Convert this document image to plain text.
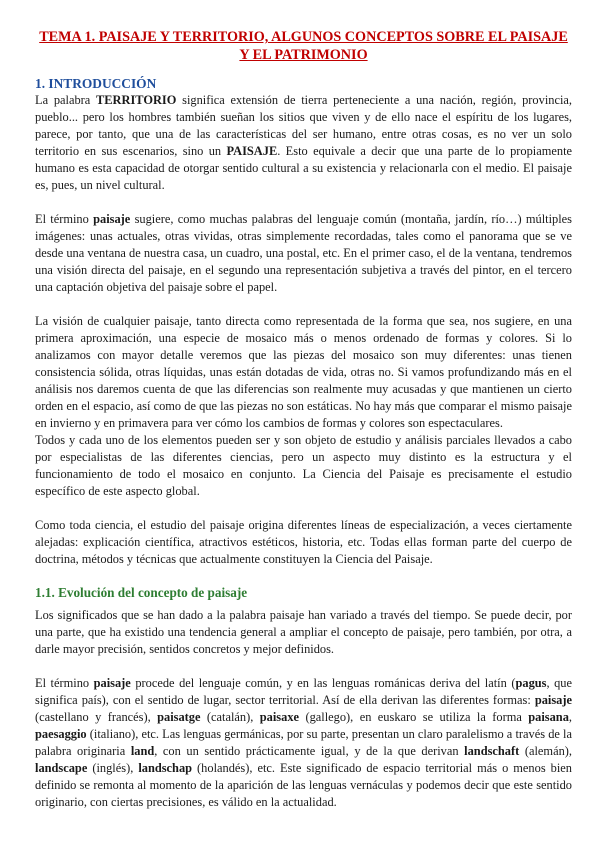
TEMA 1. PAISAJE Y TERRITORIO, ALGUNOS CONCEPTOS SOBRE EL PAISAJE
Y EL PATRIMONIO
1. INTRODUCCIÓN

La palabra TERRITORIO significa extensión de tierra perteneciente a una nación, región, provincia, pueblo... pero los hombres también sueñan los sitios que viven y de ello nace el espíritu de los lugares, parece, por tanto, que una de las características del ser humano, entre otras cosas, es no ver un solo territorio en sus escenarios, sino un PAISAJE. Esto equivale a decir que una parte de lo propiamente humano es esta capacidad de otorgar sentido cultural a su existencia y relacionarla con el medio. El paisaje es, pues, un nivel cultural.

El término paisaje sugiere, como muchas palabras del lenguaje común (montaña, jardín, río…) múltiples imágenes: unas actuales, otras vividas, otras simplemente recordadas, tales como el panorama que se ve desde una ventana de nuestra casa, un cuadro, una postal, etc. En el primer caso, el de la ventana, tendremos una visión directa del paisaje, en el segundo una representación subjetiva a través del pintor, en el tercero una captación objetiva del paisaje sobre el papel.

La visión de cualquier paisaje, tanto directa como representada de la forma que sea, nos sugiere, en una primera aproximación, una especie de mosaico más o menos ordenado de formas y colores. Si lo analizamos con mayor detalle veremos que las piezas del mosaico son muy diferentes: unas tienen consistencia sólida, otras líquidas, unas están dotadas de vida, otras no. Si vamos profundizando más en el análisis nos daremos cuenta de que las diferencias son realmente muy acusadas y que mantienen un cierto orden en el espacio, así como de que las piezas no son estáticas. No hay más que comparar el mismo paisaje en invierno y en primavera para ver cómo los cambios de formas y colores son espectaculares.

Todos y cada uno de los elementos pueden ser y son objeto de estudio y análisis parciales llevados a cabo por especialistas de las diferentes ciencias, pero un aspecto muy distinto es la estructura y el funcionamiento de todo el mosaico en conjunto. La Ciencia del Paisaje es precisamente el estudio específico de este aspecto global.

Como toda ciencia, el estudio del paisaje origina diferentes líneas de especialización, a veces ciertamente alejadas: explicación científica, atractivos estéticos, historia, etc. Todas ellas forman parte del cuerpo de doctrina, métodos y técnicas que actualmente constituyen la Ciencia del Paisaje.

1.1. Evolución del concepto de paisaje

Los significados que se han dado a la palabra paisaje han variado a través del tiempo. Se puede decir, por una parte, que ha existido una tendencia general a ampliar el concepto de paisaje, pero también, por otra, a darle mayor precisión, sentidos concretos y mejor definidos.

El término paisaje procede del lenguaje común, y en las lenguas románicas deriva del latín (pagus, que significa país), con el sentido de lugar, sector territorial. Así de ella derivan las diferentes formas: paisaje (castellano y francés), paisatge (catalán), paisaxe (gallego), en euskaro se utiliza la forma paisana, paesaggio (italiano), etc. Las lenguas germánicas, por su parte, presentan un claro paralelismo a través de la palabra originaria land, con un sentido prácticamente igual, y de la que derivan landschaft (alemán), landscape (inglés), landschap (holandés), etc. Este significado de espacio territorial más o menos bien definido se remonta al momento de la aparición de las lenguas vernáculas y podemos decir que este sentido originario, con ciertas precisiones, es válido en la actualidad.
